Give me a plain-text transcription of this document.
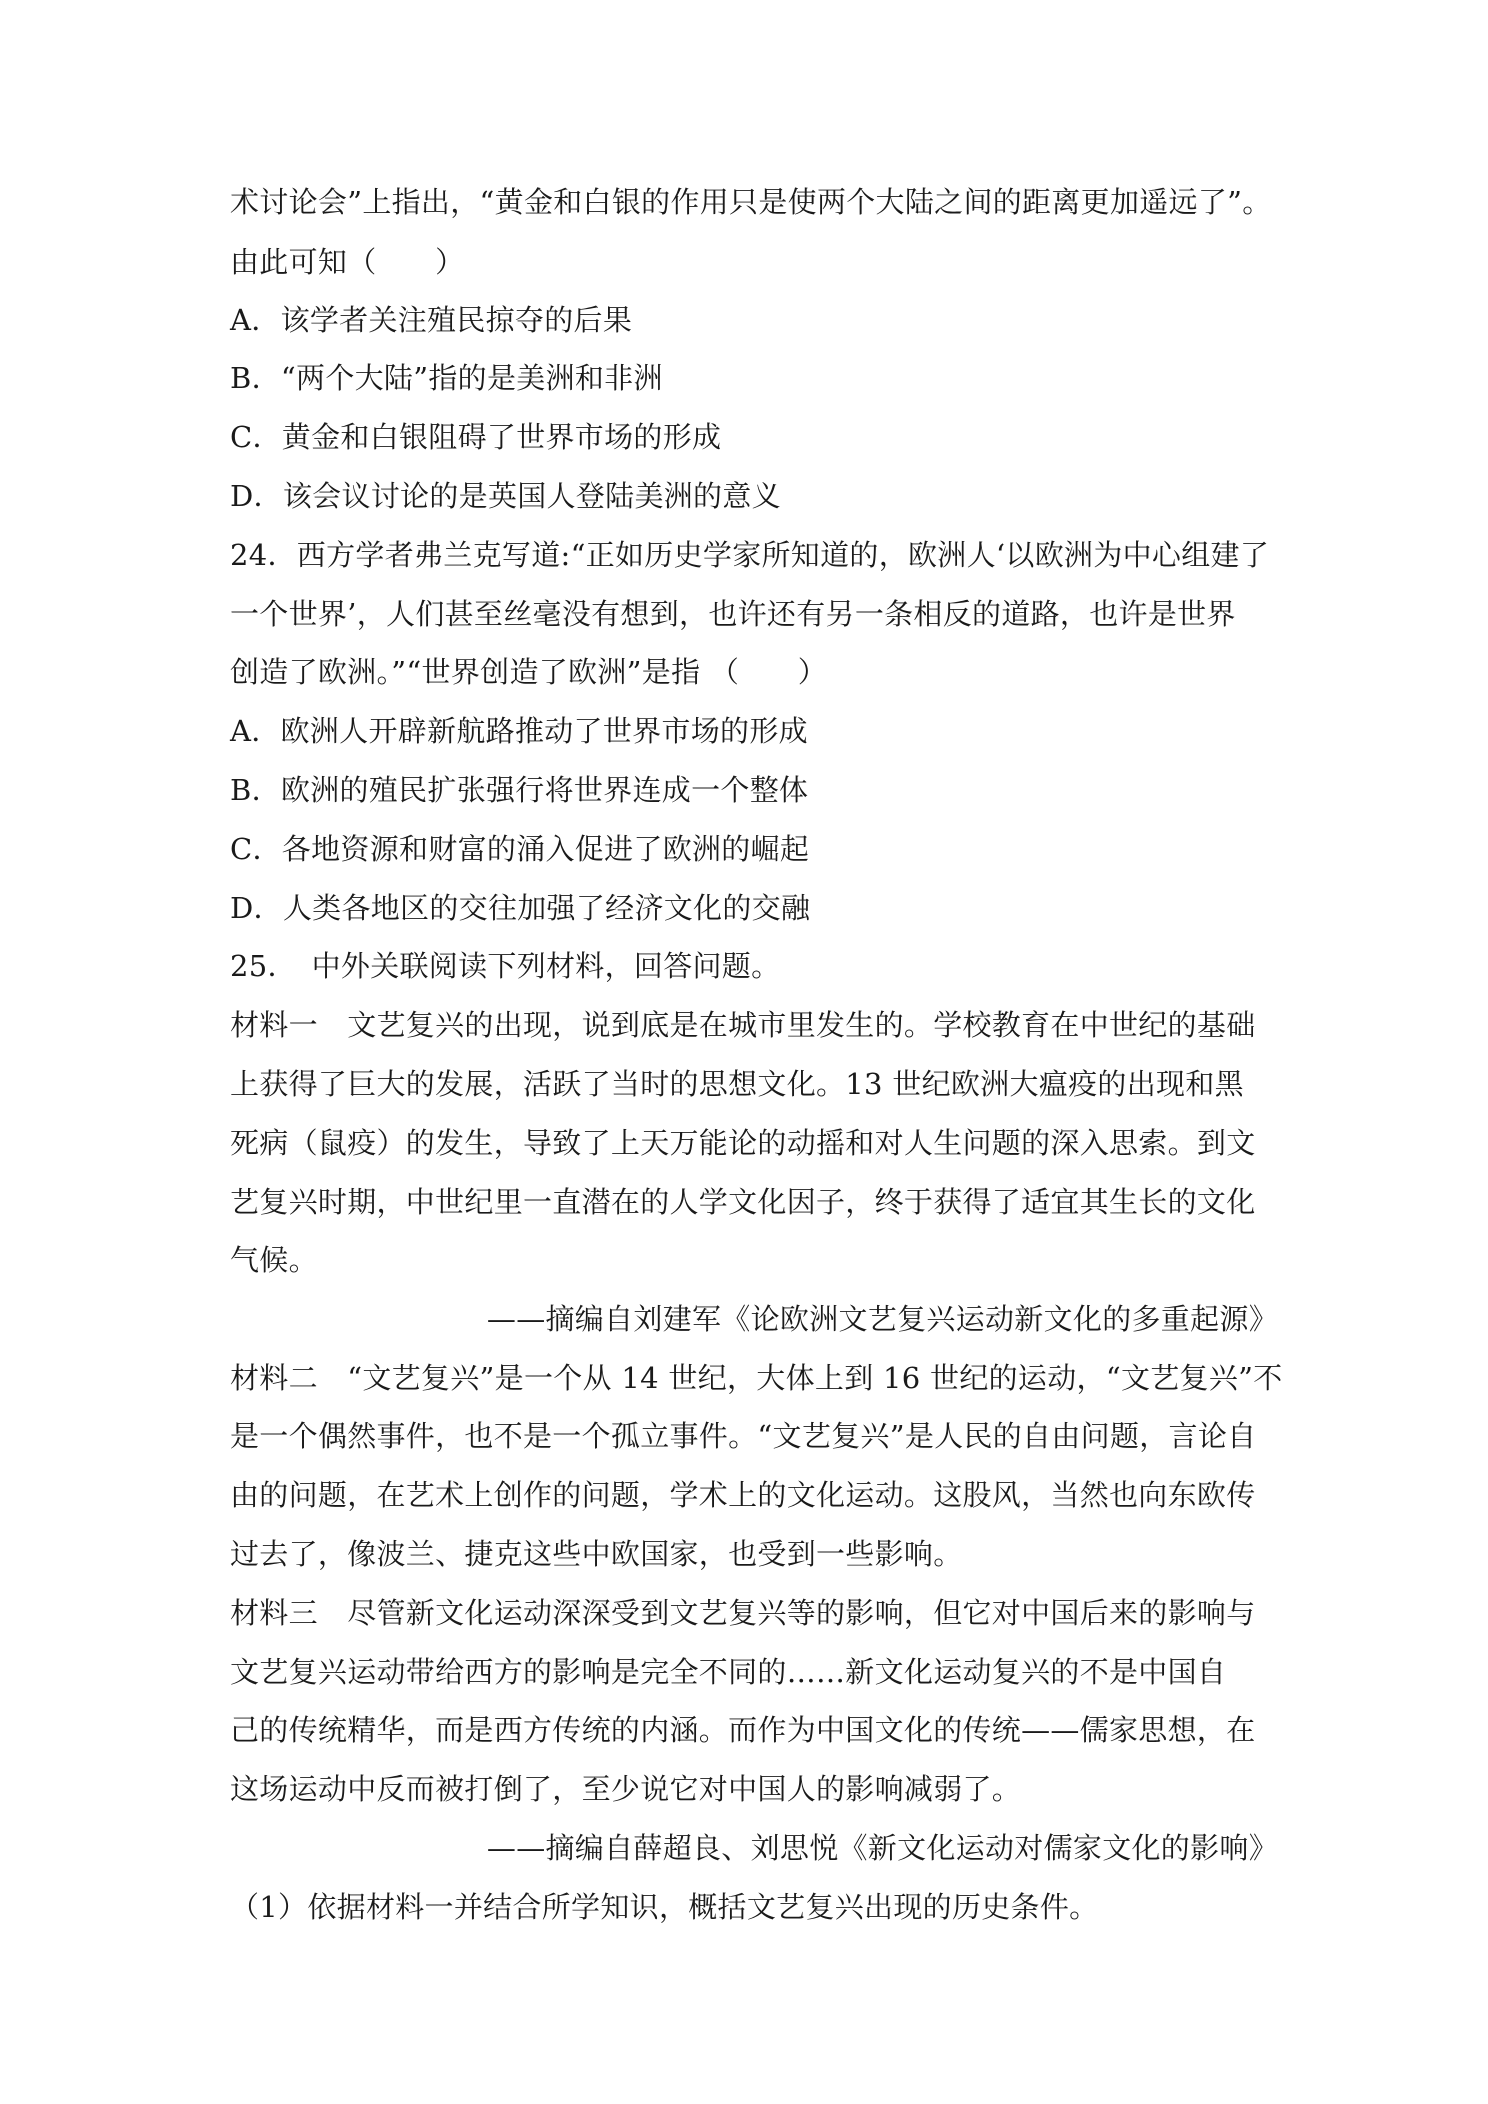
术讨论会”上指出，“黄金和白银的作用只是使两个大陆之间的距离更加遥远了”。
由此可知（　　）
A．该学者关注殖民掠夺的后果
B．“两个大陆”指的是美洲和非洲
C．黄金和白银阻碍了世界市场的形成
D．该会议讨论的是英国人登陆美洲的意义
24．西方学者弗兰克写道:“正如历史学家所知道的，欧洲人‘以欧洲为中心组建了
一个世界’，人们甚至丝毫没有想到，也许还有另一条相反的道路，也许是世界
创造了欧洲。”“世界创造了欧洲”是指 （　　）
A．欧洲人开辟新航路推动了世界市场的形成
B．欧洲的殖民扩张强行将世界连成一个整体
C．各地资源和财富的涌入促进了欧洲的崛起
D．人类各地区的交往加强了经济文化的交融
25．　中外关联阅读下列材料，回答问题。
材料一　文艺复兴的出现，说到底是在城市里发生的。学校教育在中世纪的基础
上获得了巨大的发展，活跃了当时的思想文化。13 世纪欧洲大瘟疫的出现和黑
死病（鼠疫）的发生，导致了上天万能论的动摇和对人生问题的深入思索。到文
艺复兴时期，中世纪里一直潜在的人学文化因子，终于获得了适宜其生长的文化
气候。
——摘编自刘建军《论欧洲文艺复兴运动新文化的多重起源》
材料二　“文艺复兴”是一个从 14 世纪，大体上到 16 世纪的运动，“文艺复兴”不
是一个偶然事件，也不是一个孤立事件。“文艺复兴”是人民的自由问题，言论自
由的问题，在艺术上创作的问题，学术上的文化运动。这股风，当然也向东欧传
过去了，像波兰、捷克这些中欧国家，也受到一些影响。
材料三　尽管新文化运动深深受到文艺复兴等的影响，但它对中国后来的影响与
文艺复兴运动带给西方的影响是完全不同的……新文化运动复兴的不是中国自
己的传统精华，而是西方传统的内涵。而作为中国文化的传统——儒家思想，在
这场运动中反而被打倒了，至少说它对中国人的影响减弱了。
——摘编自薛超良、刘思悦《新文化运动对儒家文化的影响》
（1）依据材料一并结合所学知识，概括文艺复兴出现的历史条件。
